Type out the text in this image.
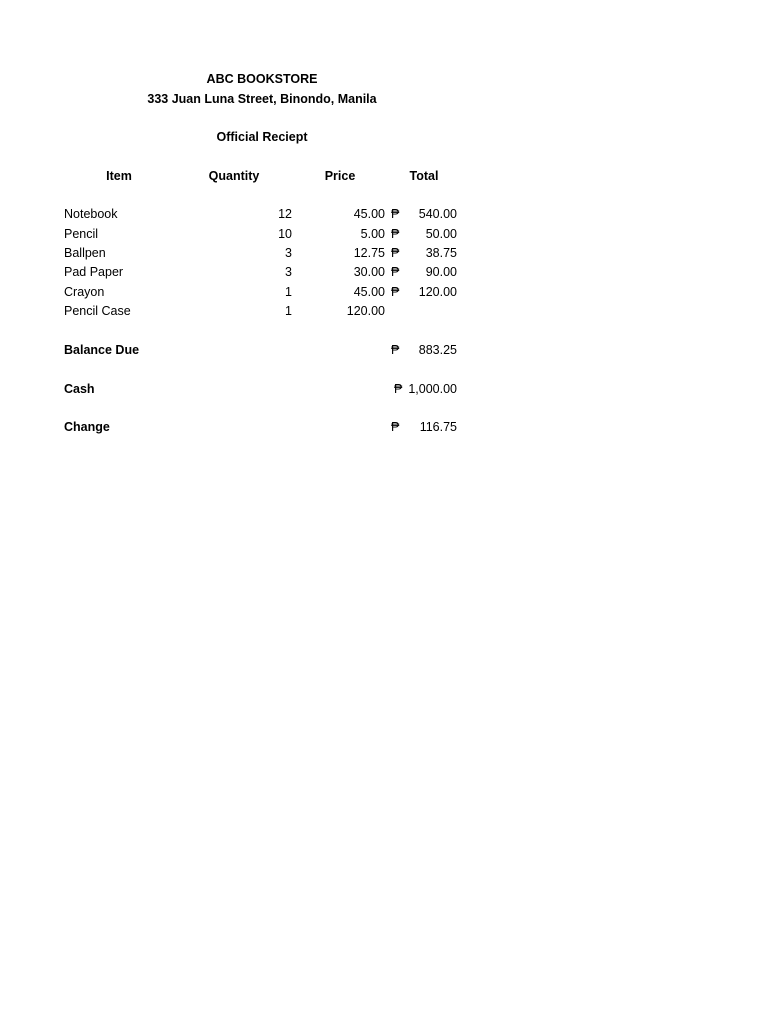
ABC BOOKSTORE
333 Juan Luna Street, Binondo, Manila
Official Reciept
Item	Quantity	Price	Total
Notebook	12	45.00 ₱	540.00
Pencil	10	5.00 ₱	50.00
Ballpen	3	12.75 ₱	38.75
Pad Paper	3	30.00 ₱	90.00
Crayon	1	45.00 ₱	120.00
Pencil Case	1	120.00
Balance Due	₱	883.25
Cash	₱ 1,000.00
Change	₱	116.75
